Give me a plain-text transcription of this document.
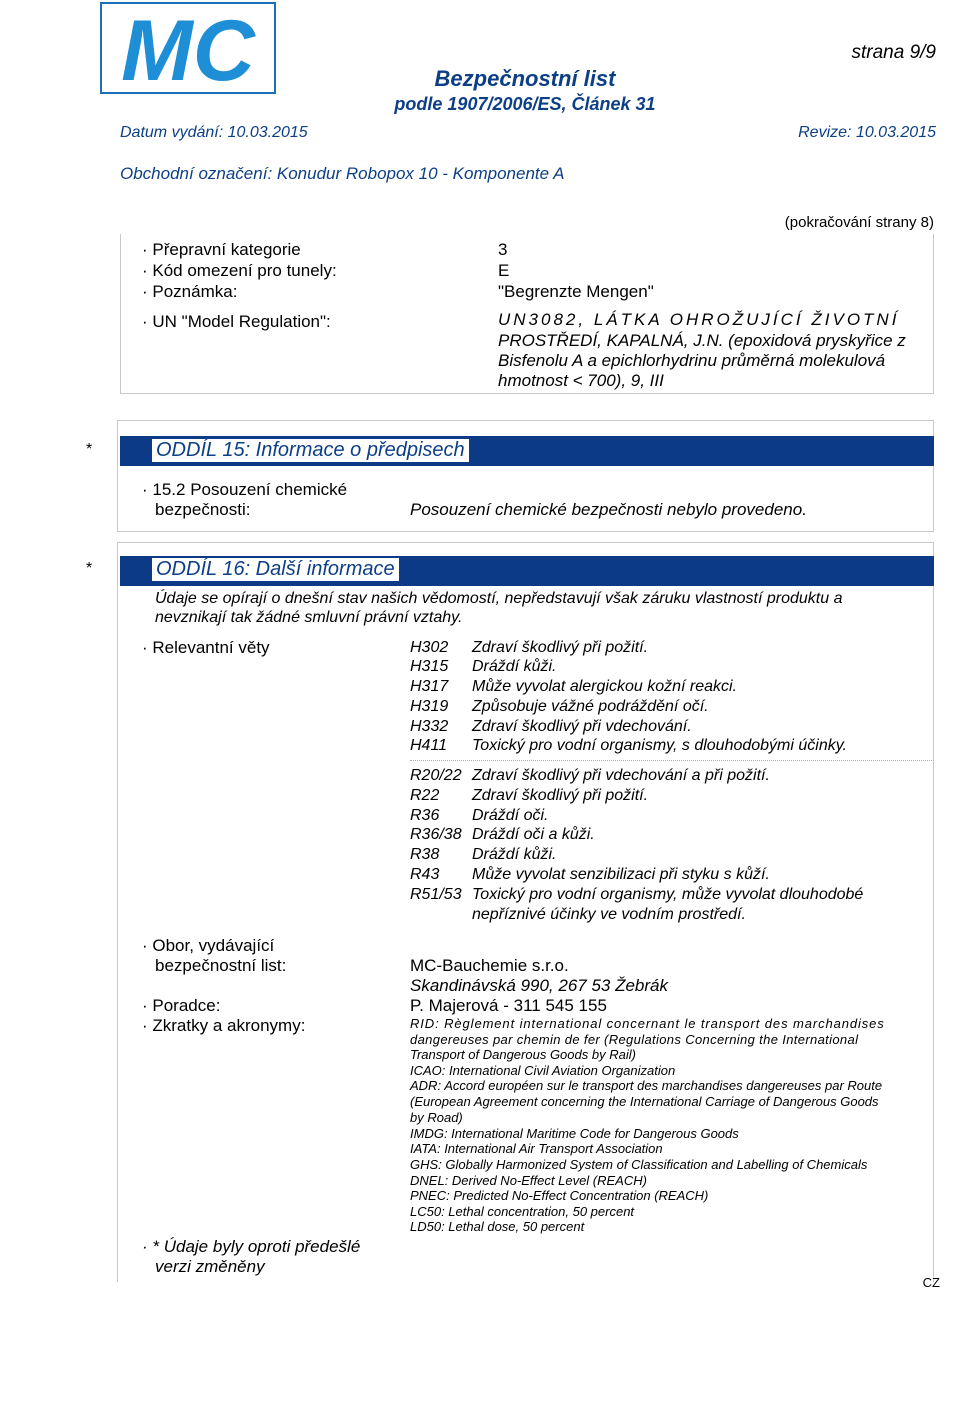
MC	strana 9/9
Bezpečnostní list
podle 1907/2006/ES, Článek 31
Datum vydání: 10.03.2015	Revize: 10.03.2015
Obchodní označení: Konudur Robopox 10 - Komponente A
(pokračování strany 8)
· Přepravní kategorie	3
· Kód omezení pro tunely:	E
· Poznámka:	"Begrenzte Mengen"
· UN "Model Regulation":	UN3082, LÁTKA OHROŽUJÍCÍ ŽIVOTNÍ
PROSTŘEDÍ, KAPALNÁ, J.N. (epoxidová pryskyřice z
Bisfenolu A a epichlorhydrinu průměrná molekulová
hmotnost < 700), 9, III
*	ODDÍL 15: Informace o předpisech
· 15.2 Posouzení chemické
bezpečnosti:	Posouzení chemické bezpečnosti nebylo provedeno.
*	ODDÍL 16: Další informace
Údaje se opírají o dnešní stav našich vědomostí, nepředstavují však záruku vlastností produktu a
nevznikají tak žádné smluvní právní vztahy.
· Relevantní věty	H302 Zdraví škodlivý při požití.
H315 Dráždí kůži.
H317 Může vyvolat alergickou kožní reakci.
H319 Způsobuje vážné podráždění očí.
H332 Zdraví škodlivý při vdechování.
H411 Toxický pro vodní organismy, s dlouhodobými účinky.
R20/22 Zdraví škodlivý při vdechování a při požití.
R22 Zdraví škodlivý při požití.
R36 Dráždí oči.
R36/38 Dráždí oči a kůži.
R38 Dráždí kůži.
R43 Může vyvolat senzibilizaci při styku s kůží.
R51/53 Toxický pro vodní organismy, může vyvolat dlouhodobé
nepříznivé účinky ve vodním prostředí.
· Obor, vydávající
bezpečnostní list:	MC-Bauchemie s.r.o.
Skandinávská 990, 267 53 Žebrák
· Poradce:	P. Majerová - 311 545 155
· Zkratky a akronymy:	RID: Règlement international concernant le transport des marchandises
dangereuses par chemin de fer (Regulations Concerning the International
Transport of Dangerous Goods by Rail)
ICAO: International Civil Aviation Organization
ADR: Accord européen sur le transport des marchandises dangereuses par Route
(European Agreement concerning the International Carriage of Dangerous Goods
by Road)
IMDG: International Maritime Code for Dangerous Goods
IATA: International Air Transport Association
GHS: Globally Harmonized System of Classification and Labelling of Chemicals
DNEL: Derived No-Effect Level (REACH)
PNEC: Predicted No-Effect Concentration (REACH)
LC50: Lethal concentration, 50 percent
LD50: Lethal dose, 50 percent
· * Údaje byly oproti předešlé
verzi změněny
CZ
